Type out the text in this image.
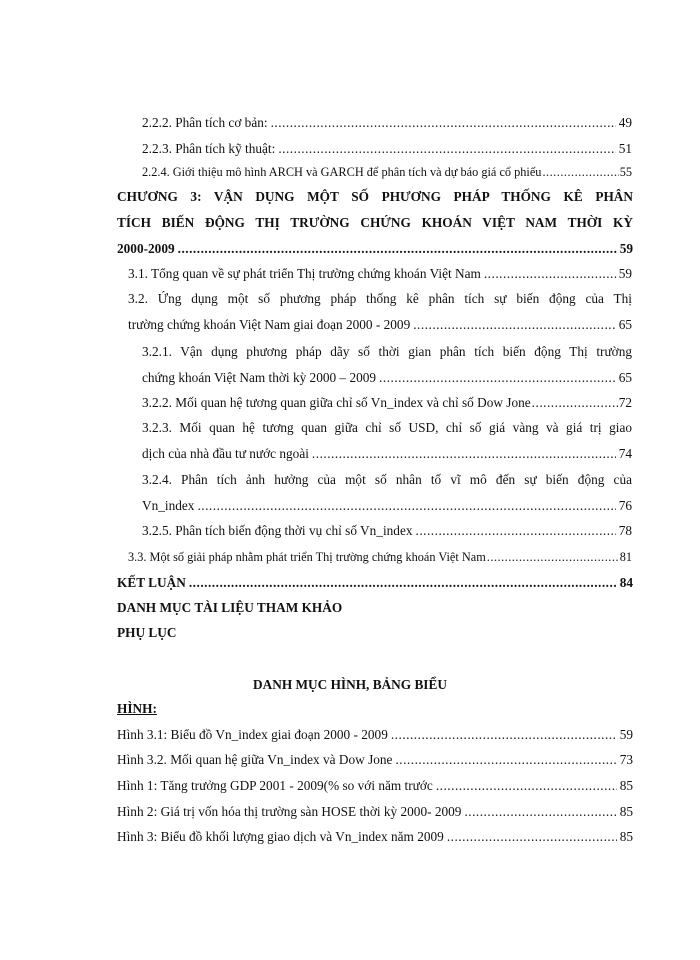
2.2.2. Phân tích cơ bản: .....	49
2.2.3. Phân tích kỹ thuật: .....	51
2.2.4. Giới thiệu mô hình ARCH và GARCH để phân tích và dự báo giá cổ phiếu .....	55
CHƯƠNG 3: VẬN DỤNG MỘT SỐ PHƯƠNG PHÁP THỐNG KÊ PHÂN
TÍCH BIẾN ĐỘNG THỊ TRƯỜNG CHỨNG KHOÁN VIỆT NAM THỜI KỲ
2000-2009 .....	59
3.1. Tổng quan về sự phát triển Thị trường chứng khoán Việt Nam .....	59
3.2. Ứng dụng một số phương pháp thống kê phân tích sự biến động của Thị
trường chứng khoán Việt Nam giai đoạn 2000 - 2009 .....	65
3.2.1. Vận dụng phương pháp dãy số thời gian phân tích biến động Thị trường
chứng khoán Việt Nam thời kỳ 2000 – 2009 .....	65
3.2.2. Mối quan hệ tương quan giữa chỉ số Vn_index và chỉ số Dow Jone .....	72
3.2.3. Mối quan hệ tương quan giữa chỉ số USD, chỉ số giá vàng và giá trị giao
dịch của nhà đầu tư nước ngoài .....	74
3.2.4. Phân tích ảnh hưởng của một số nhân tố vĩ mô đến sự biến động của
Vn_index .....	76
3.2.5. Phân tích biến động thời vụ chỉ số Vn_index .....	78
3.3. Một số giải pháp nhằm phát triển Thị trường chứng khoán Việt Nam .....	81
KẾT LUẬN .....	84
DANH MỤC TÀI LIỆU THAM KHẢO
PHỤ LỤC
DANH MỤC HÌNH, BẢNG BIỂU
HÌNH:
Hình 3.1: Biểu đồ Vn_index giai đoạn 2000 - 2009 .....	59
Hình 3.2. Mối quan hệ giữa Vn_index và Dow Jone .....	73
Hình 1: Tăng trưởng GDP 2001 - 2009(% so với năm trước .....	85
Hình 2: Giá trị vốn hóa thị trường sàn HOSE thời kỳ 2000- 2009 .....	85
Hình 3: Biểu đồ khối lượng giao dịch và Vn_index năm 2009 .....	85
